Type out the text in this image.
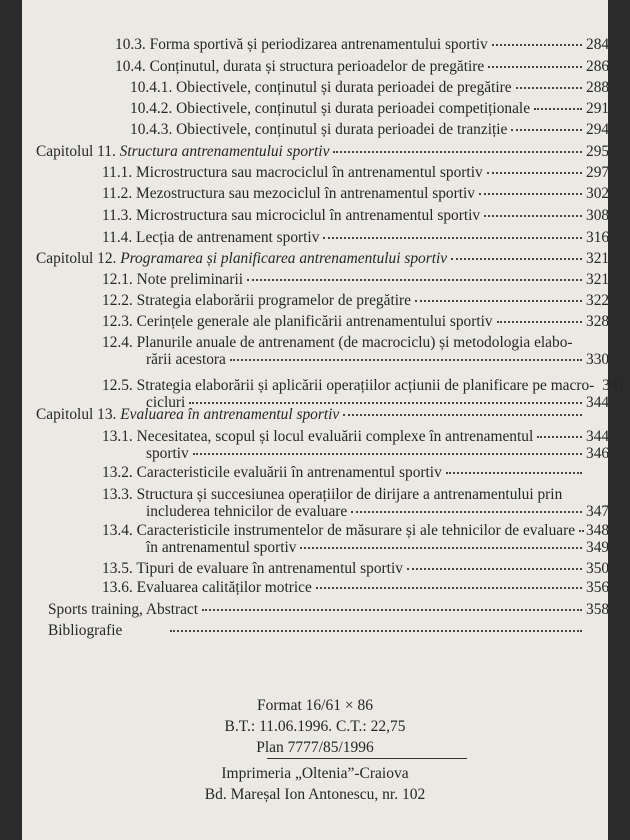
10.3. Forma sportivă și periodizarea antrenamentului sportiv	284
10.4. Conținutul, durata și structura perioadelor de pregătire	286
10.4.1. Obiectivele, conținutul și durata perioadei de pregătire	288
10.4.2. Obiectivele, conținutul și durata perioadei competiționale	291
10.4.3. Obiectivele, conținutul și durata perioadei de tranziție	294
Capitolul 11. Structura antrenamentului sportiv	295
11.1. Microstructura sau macrociclul în antrenamentul sportiv	297
11.2. Mezostructura sau mezociclul în antrenamentul sportiv	302
11.3. Microstructura sau microciclul în antrenamentul sportiv	308
11.4. Lecția de antrenament sportiv	316
Capitolul 12. Programarea și planificarea antrenamentului sportiv	321
12.1. Note preliminarii	321
12.2. Strategia elaborării programelor de pregătire	322
12.3. Cerințele generale ale planificării antrenamentului sportiv	328
12.4. Planurile anuale de antrenament (de macrociclu) și metodologia elabo-
rării acestora	330
12.5. Strategia elaborării și aplicării operațiilor acțiunii de planificare pe macro- 341
cicluri	344
Capitolul 13. Evaluarea în antrenamentul sportiv
13.1. Necesitatea, scopul și locul evaluării complexe în antrenamentul	344
sportiv	346
13.2. Caracteristicile evaluării în antrenamentul sportiv
13.3. Structura și succesiunea operațiilor de dirijare a antrenamentului prin
includerea tehnicilor de evaluare	347
13.4. Caracteristicile instrumentelor de măsurare și ale tehnicilor de evaluare 348
în antrenamentul sportiv	349
13.5. Tipuri de evaluare în antrenamentul sportiv	350
13.6. Evaluarea calităților motrice	356
Sports training, Abstract	358
Bibliografie
Format 16/61 × 86
B.T.: 11.06.1996. C.T.: 22,75
Plan 7777/85/1996
Imprimeria „Oltenia”-Craiova
Bd. Mareșal Ion Antonescu, nr. 102
